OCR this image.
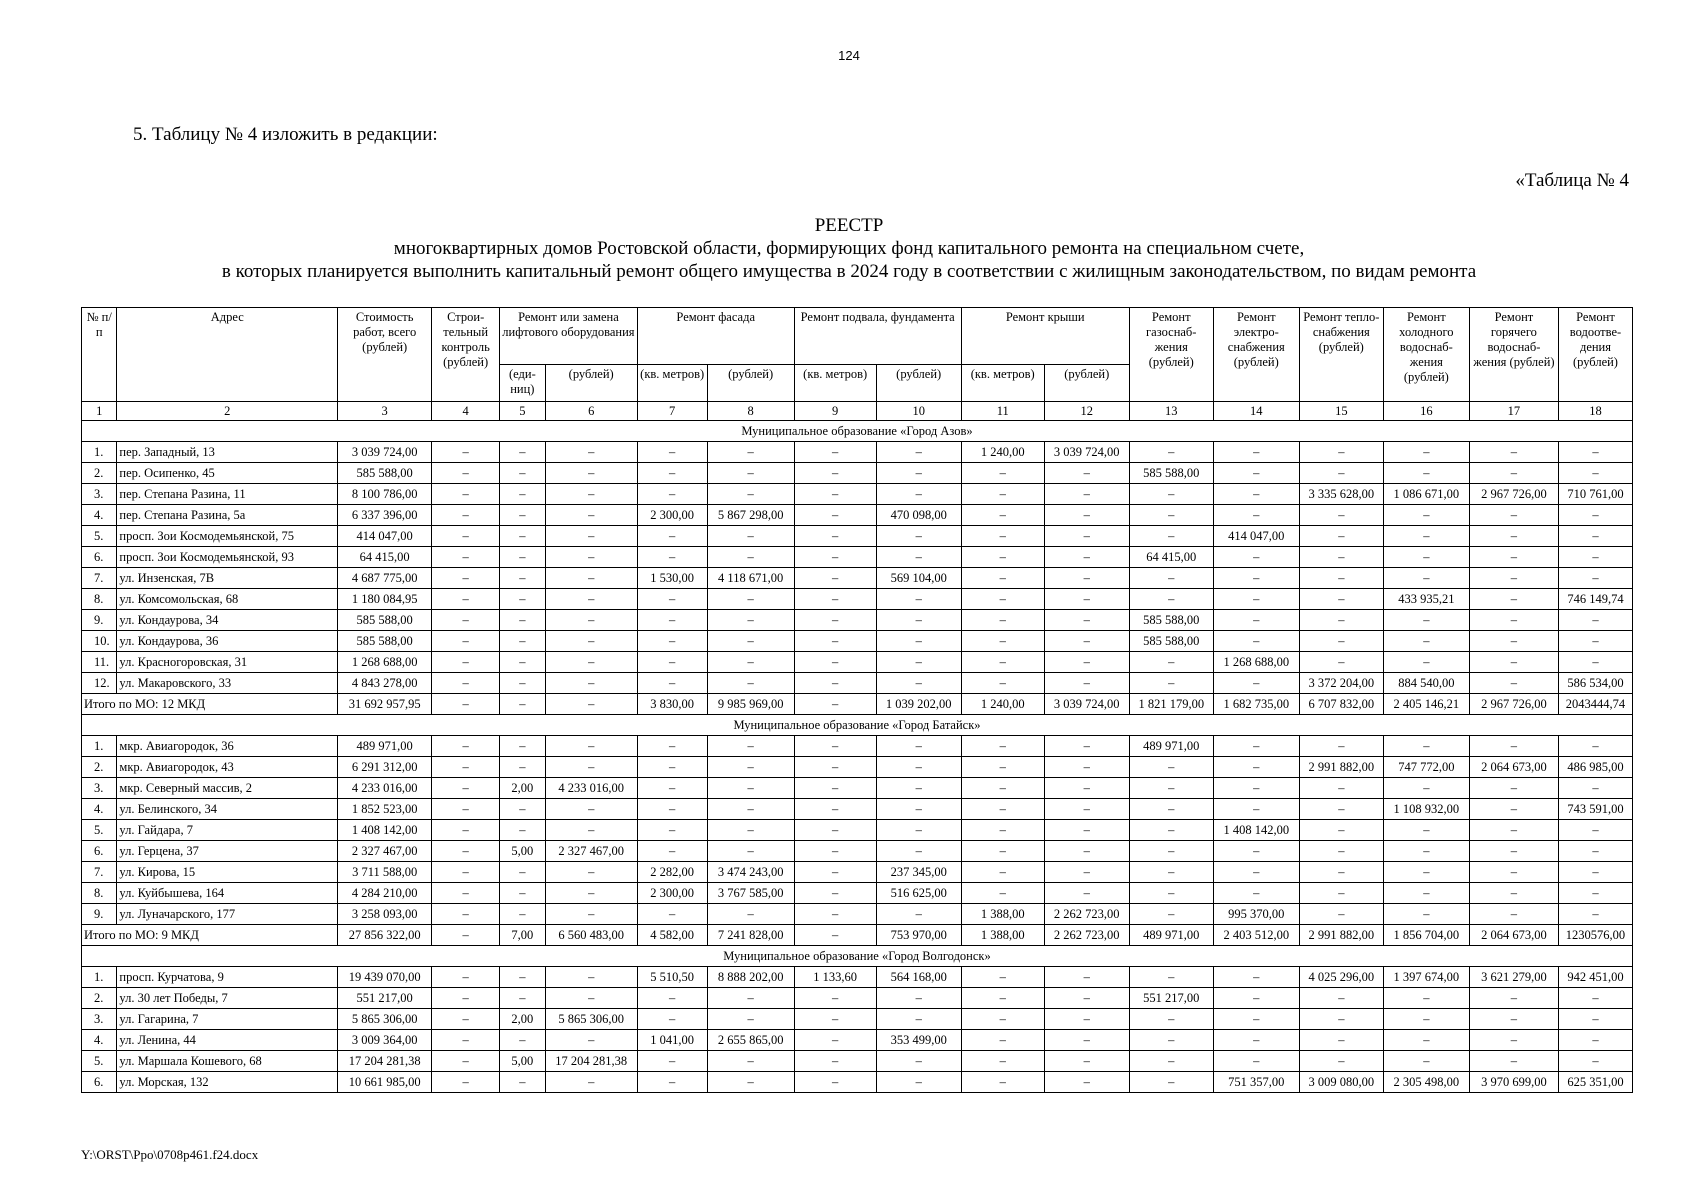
124
5. Таблицу № 4 изложить в редакции:
«Таблица № 4
РЕЕСТР
многоквартирных домов Ростовской области, формирующих фонд капитального ремонта на специальном счете,
в которых планируется выполнить капитальный ремонт общего имущества в 2024 году в соответствии с жилищным законодательством, по видам ремонта
№ п/п	Адрес	Стоимость работ, всего (рублей)	Строи-тельный контроль (рублей)	Ремонт или замена лифтового оборудования		Ремонт фасада		Ремонт подвала, фундамента		Ремонт крыши		Ремонт газоснаб-жения (рублей)	Ремонт электро-снабжения (рублей)	Ремонт тепло-снабжения (рублей)	Ремонт холодного водоснаб-жения (рублей)	Ремонт горячего водоснаб-жения (рублей)	Ремонт водоотве-дения (рублей)
				(еди-ниц)	(рублей)	(кв. метров)	(рублей)	(кв. метров)	(рублей)	(кв. метров)	(рублей)						
1	2	3	4	5	6	7	8	9	10	11	12	13	14	15	16	17	18
Муниципальное образование «Город Азов»																	
1.	пер. Западный, 13	3 039 724,00	–	–	–	–	–	–	–	1 240,00	3 039 724,00	–	–	–	–	–	–
2.	пер. Осипенко, 45	585 588,00	–	–	–	–	–	–	–	–	–	585 588,00	–	–	–	–	–
3.	пер. Степана Разина, 11	8 100 786,00	–	–	–	–	–	–	–	–	–	–	–	3 335 628,00	1 086 671,00	2 967 726,00	710 761,00
4.	пер. Степана Разина, 5а	6 337 396,00	–	–	–	2 300,00	5 867 298,00	–	470 098,00	–	–	–	–	–	–	–	–
5.	просп. Зои Космодемьянской, 75	414 047,00	–	–	–	–	–	–	–	–	–	–	414 047,00	–	–	–	–
6.	просп. Зои Космодемьянской, 93	64 415,00	–	–	–	–	–	–	–	–	–	64 415,00	–	–	–	–	–
7.	ул. Инзенская, 7В	4 687 775,00	–	–	–	1 530,00	4 118 671,00	–	569 104,00	–	–	–	–	–	–	–	–
8.	ул. Комсомольская, 68	1 180 084,95	–	–	–	–	–	–	–	–	–	–	–	–	433 935,21	–	746 149,74
9.	ул. Кондаурова, 34	585 588,00	–	–	–	–	–	–	–	–	–	585 588,00	–	–	–	–	–
10.	ул. Кондаурова, 36	585 588,00	–	–	–	–	–	–	–	–	–	585 588,00	–	–	–	–	–
11.	ул. Красногоровская, 31	1 268 688,00	–	–	–	–	–	–	–	–	–	–	1 268 688,00	–	–	–	–
12.	ул. Макаровского, 33	4 843 278,00	–	–	–	–	–	–	–	–	–	–	–	3 372 204,00	884 540,00	–	586 534,00
Итого по МО: 12 МКД		31 692 957,95	–	–	–	3 830,00	9 985 969,00	–	1 039 202,00	1 240,00	3 039 724,00	1 821 179,00	1 682 735,00	6 707 832,00	2 405 146,21	2 967 726,00	2043444,74
Муниципальное образование «Город Батайск»																	
1.	мкр. Авиагородок, 36	489 971,00	–	–	–	–	–	–	–	–	–	489 971,00	–	–	–	–	–
2.	мкр. Авиагородок, 43	6 291 312,00	–	–	–	–	–	–	–	–	–	–	–	2 991 882,00	747 772,00	2 064 673,00	486 985,00
3.	мкр. Северный массив, 2	4 233 016,00	–	2,00	4 233 016,00	–	–	–	–	–	–	–	–	–	–	–	–
4.	ул. Белинского, 34	1 852 523,00	–	–	–	–	–	–	–	–	–	–	–	–	1 108 932,00	–	743 591,00
5.	ул. Гайдара, 7	1 408 142,00	–	–	–	–	–	–	–	–	–	–	1 408 142,00	–	–	–	–
6.	ул. Герцена, 37	2 327 467,00	–	5,00	2 327 467,00	–	–	–	–	–	–	–	–	–	–	–	–
7.	ул. Кирова, 15	3 711 588,00	–	–	–	2 282,00	3 474 243,00	–	237 345,00	–	–	–	–	–	–	–	–
8.	ул. Куйбышева, 164	4 284 210,00	–	–	–	2 300,00	3 767 585,00	–	516 625,00	–	–	–	–	–	–	–	–
9.	ул. Луначарского, 177	3 258 093,00	–	–	–	–	–	–	–	1 388,00	2 262 723,00	–	995 370,00	–	–	–	–
Итого по МО: 9 МКД		27 856 322,00	–	7,00	6 560 483,00	4 582,00	7 241 828,00	–	753 970,00	1 388,00	2 262 723,00	489 971,00	2 403 512,00	2 991 882,00	1 856 704,00	2 064 673,00	1230576,00
Муниципальное образование «Город Волгодонск»																	
1.	просп. Курчатова, 9	19 439 070,00	–	–	–	5 510,50	8 888 202,00	1 133,60	564 168,00	–	–	–	–	4 025 296,00	1 397 674,00	3 621 279,00	942 451,00
2.	ул. 30 лет Победы, 7	551 217,00	–	–	–	–	–	–	–	–	–	551 217,00	–	–	–	–	–
3.	ул. Гагарина, 7	5 865 306,00	–	2,00	5 865 306,00	–	–	–	–	–	–	–	–	–	–	–	–
4.	ул. Ленина, 44	3 009 364,00	–	–	–	1 041,00	2 655 865,00	–	353 499,00	–	–	–	–	–	–	–	–
5.	ул. Маршала Кошевого, 68	17 204 281,38	–	5,00	17 204 281,38	–	–	–	–	–	–	–	–	–	–	–	–
6.	ул. Морская, 132	10 661 985,00	–	–	–	–	–	–	–	–	–	–	751 357,00	3 009 080,00	2 305 498,00	3 970 699,00	625 351,00
Y:\ORST\Ppo\0708p461.f24.docx
